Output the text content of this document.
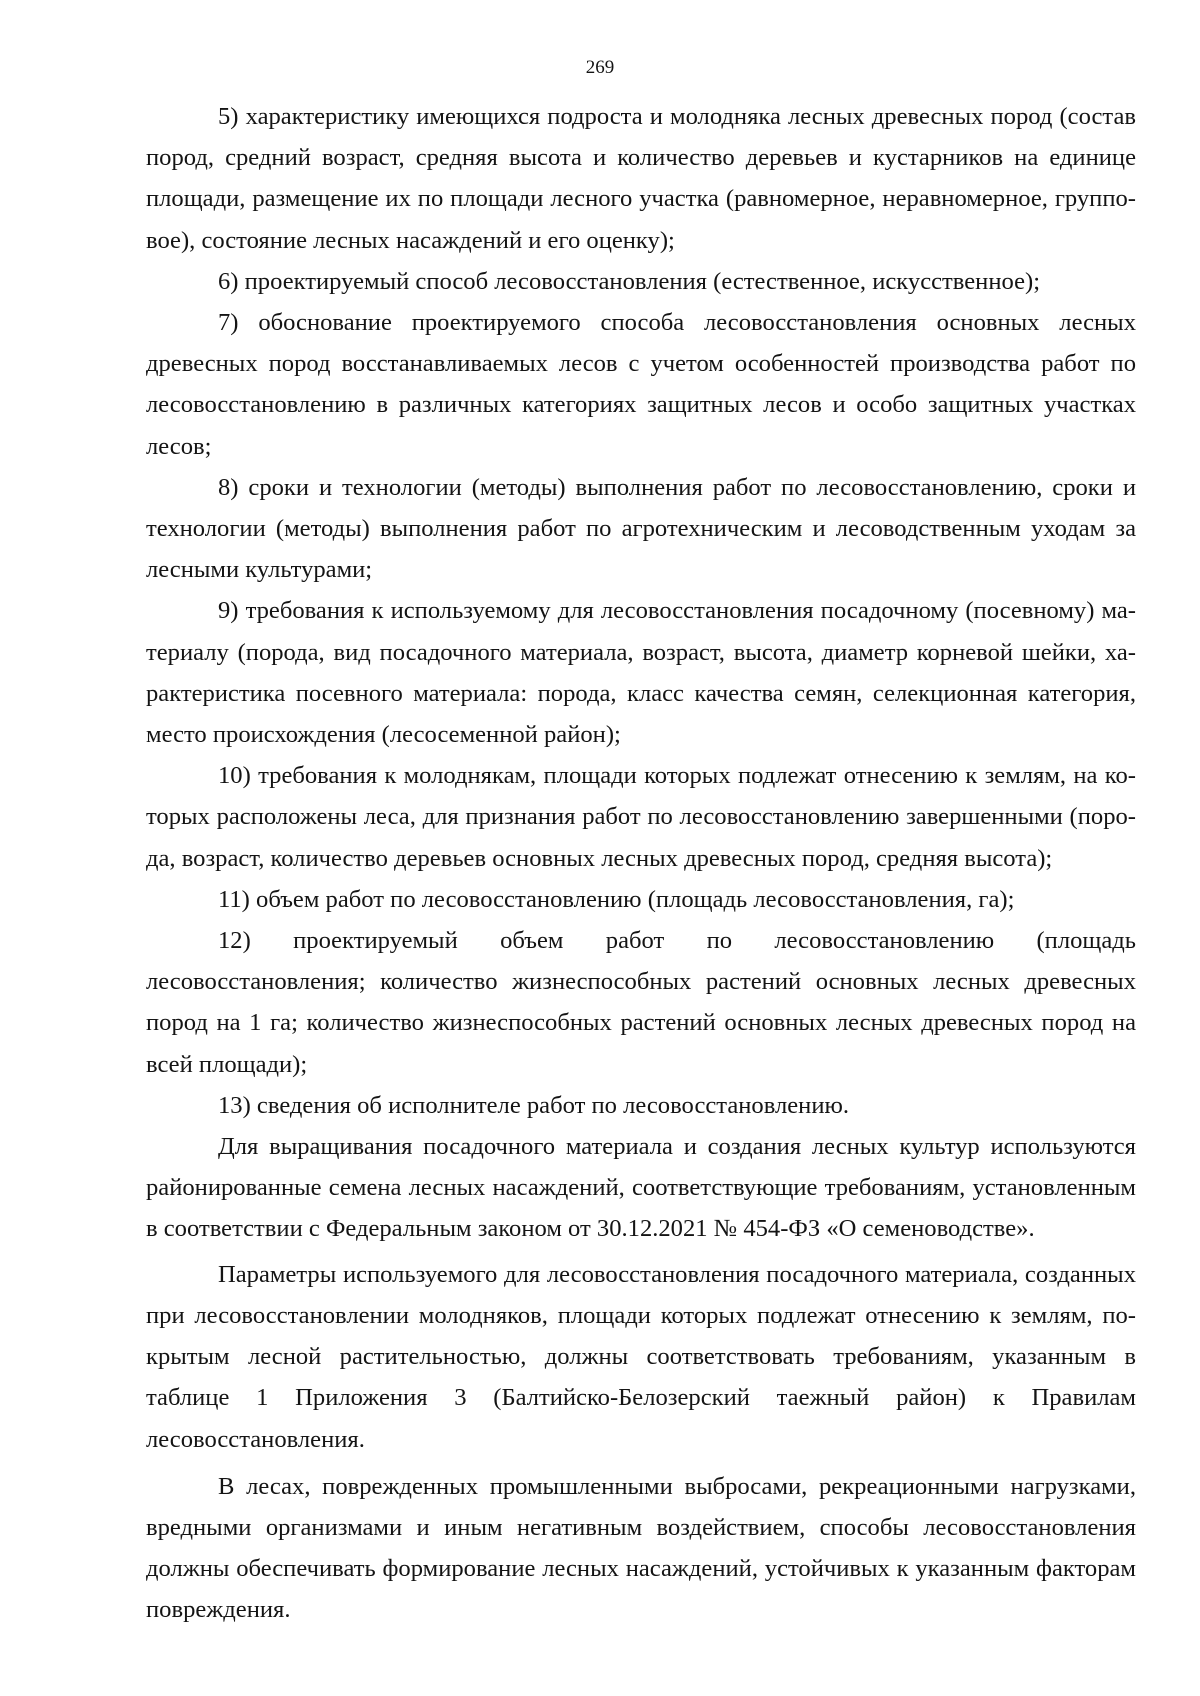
269

5) характеристику имеющихся подроста и молодняка лесных древесных пород (состав пород, средний возраст, средняя высота и количество деревьев и кустарников на единице площади, размещение их по площади лесного участка (равномерное, неравномерное, групповое), состояние лесных насаждений и его оценку);

6) проектируемый способ лесовосстановления (естественное, искусственное);

7) обоснование проектируемого способа лесовосстановления основных лесных древесных пород восстанавливаемых лесов с учетом особенностей производства работ по лесовосстановлению в различных категориях защитных лесов и особо защитных участках лесов;

8) сроки и технологии (методы) выполнения работ по лесовосстановлению, сроки и технологии (методы) выполнения работ по агротехническим и лесоводственным уходам за лесными культурами;

9) требования к используемому для лесовосстановления посадочному (посевному) материалу (порода, вид посадочного материала, возраст, высота, диаметр корневой шейки, характеристика посевного материала: порода, класс качества семян, селекционная категория, место происхождения (лесосеменной район);

10) требования к молоднякам, площади которых подлежат отнесению к землям, на которых расположены леса, для признания работ по лесовосстановлению завершенными (порода, возраст, количество деревьев основных лесных древесных пород, средняя высота);

11) объем работ по лесовосстановлению (площадь лесовосстановления, га);

12) проектируемый объем работ по лесовосстановлению (площадь лесовосстановления; количество жизнеспособных растений основных лесных древесных пород на 1 га; количество жизнеспособных растений основных лесных древесных пород на всей площади);

13) сведения об исполнителе работ по лесовосстановлению.

Для выращивания посадочного материала и создания лесных культур используются районированные семена лесных насаждений, соответствующие требованиям, установленным в соответствии с Федеральным законом от 30.12.2021 № 454-ФЗ «О семеноводстве».

Параметры используемого для лесовосстановления посадочного материала, созданных при лесовосстановлении молодняков, площади которых подлежат отнесению к землям, покрытым лесной растительностью, должны соответствовать требованиям, указанным в таблице 1 Приложения 3 (Балтийско-Белозерский таежный район) к Правилам лесовосстановления.

В лесах, поврежденных промышленными выбросами, рекреационными нагрузками, вредными организмами и иным негативным воздействием, способы лесовосстановления должны обеспечивать формирование лесных насаждений, устойчивых к указанным факторам повреждения.
